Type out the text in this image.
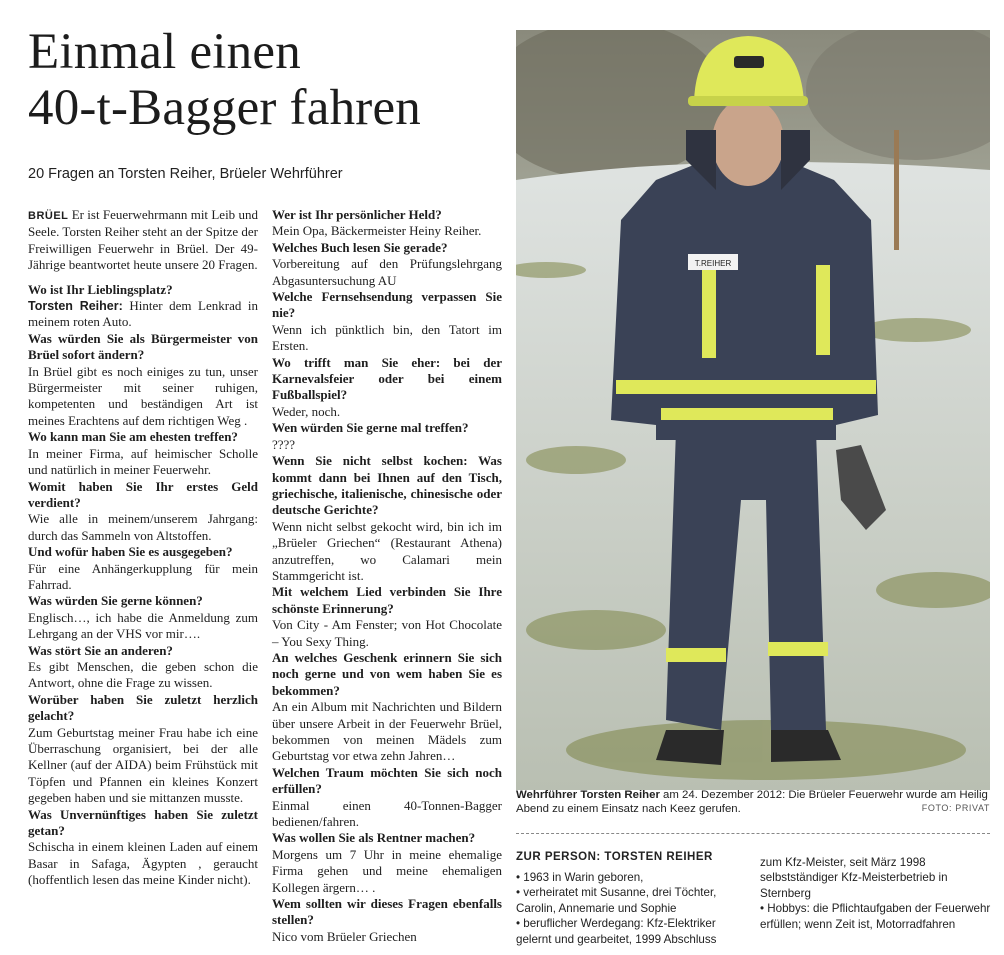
Einmal einen
40-t-Bagger fahren
20 Fragen an Torsten Reiher, Brüeler Wehrführer

BRÜEL Er ist Feuerwehrmann mit Leib und Seele. Torsten Reiher steht an der Spitze der Freiwilligen Feuerwehr in Brüel. Der 49-Jährige beantwortet heute unsere 20 Fragen.

Wo ist Ihr Lieblingsplatz?

Torsten Reiher: Hinter dem Lenkrad in meinem roten Auto.

Was würden Sie als Bürgermeister von Brüel sofort ändern?

In Brüel gibt es noch einiges zu tun, unser Bürgermeister mit seiner ruhigen, kompetenten und beständigen Art ist meines Erachtens auf dem richtigen Weg .

Wo kann man Sie am ehesten treffen?

In meiner Firma, auf heimischer Scholle und natürlich in meiner Feuerwehr.

Womit haben Sie Ihr erstes Geld verdient?

Wie alle in meinem/unserem Jahrgang: durch das Sammeln von Altstoffen.

Und wofür haben Sie es ausgegeben?

Für eine Anhängerkupplung für mein Fahrrad.

Was würden Sie gerne können?

Englisch…, ich habe die Anmeldung zum Lehrgang an der VHS vor mir….

Was stört Sie an anderen?

Es gibt Menschen, die geben schon die Antwort, ohne die Frage zu wissen.

Worüber haben Sie zuletzt herzlich gelacht?

Zum Geburtstag meiner Frau habe ich eine Überraschung organisiert, bei der alle Kellner (auf der AIDA) beim Frühstück mit Töpfen und Pfannen ein kleines Konzert gegeben haben und sie mittanzen musste.

Was Unvernünftiges haben Sie zuletzt getan?

Schischa in einem kleinen Laden auf einem Basar in Safaga, Ägypten , geraucht (hoffentlich lesen das meine Kinder nicht).

Wer ist Ihr persönlicher Held?

Mein Opa, Bäckermeister Heiny Reiher.

Welches Buch lesen Sie gerade?

Vorbereitung auf den Prüfungslehrgang Abgasuntersuchung AU

Welche Fernsehsendung verpassen Sie nie?

Wenn ich pünktlich bin, den Tatort im Ersten.

Wo trifft man Sie eher: bei der Karnevalsfeier oder bei einem Fußballspiel?

Weder, noch.

Wen würden Sie gerne mal treffen?

????

Wenn Sie nicht selbst kochen: Was kommt dann bei Ihnen auf den Tisch, griechische, italienische, chinesische oder deutsche Gerichte?

Wenn nicht selbst gekocht wird, bin ich im „Brüeler Griechen“ (Restaurant Athena) anzutreffen, wo Calamari mein Stammgericht ist.

Mit welchem Lied verbinden Sie Ihre schönste Erinnerung?

Von City - Am Fenster; von Hot Chocolate – You Sexy Thing.

An welches Geschenk erinnern Sie sich noch gerne und von wem haben Sie es bekommen?

An ein Album mit Nachrichten und Bildern über unsere Arbeit in der Feuerwehr Brüel, bekommen von meinen Mädels zum Geburtstag vor etwa zehn Jahren…

Welchen Traum möchten Sie sich noch erfüllen?

Einmal einen 40-Tonnen-Bagger bedienen/fahren.

Was wollen Sie als Rentner machen?

Morgens um 7 Uhr in meine ehemalige Firma gehen und meine ehemaligen Kollegen ärgern… .

Wem sollten wir dieses Fragen ebenfalls stellen?

Nico vom Brüeler Griechen

T.REIHER
Wehrführer Torsten Reiher am 24. Dezember 2012: Die Brüeler Feuerwehr wurde am Heilig Abend zu einem Einsatz nach Keez gerufen.	FOTO: PRIVAT
ZUR PERSON: TORSTEN REIHER

• 1963 in Warin geboren,

• verheiratet mit Susanne, drei Töchter, Carolin, Annemarie und Sophie

• beruflicher Werdegang: Kfz-Elektriker gelernt und gearbeitet, 1999 Abschluss

zum Kfz-Meister, seit März 1998 selbstständiger Kfz-Meisterbetrieb in Sternberg

• Hobbys: die Pflichtaufgaben der Feuerwehr erfüllen; wenn Zeit ist, Motorradfahren
